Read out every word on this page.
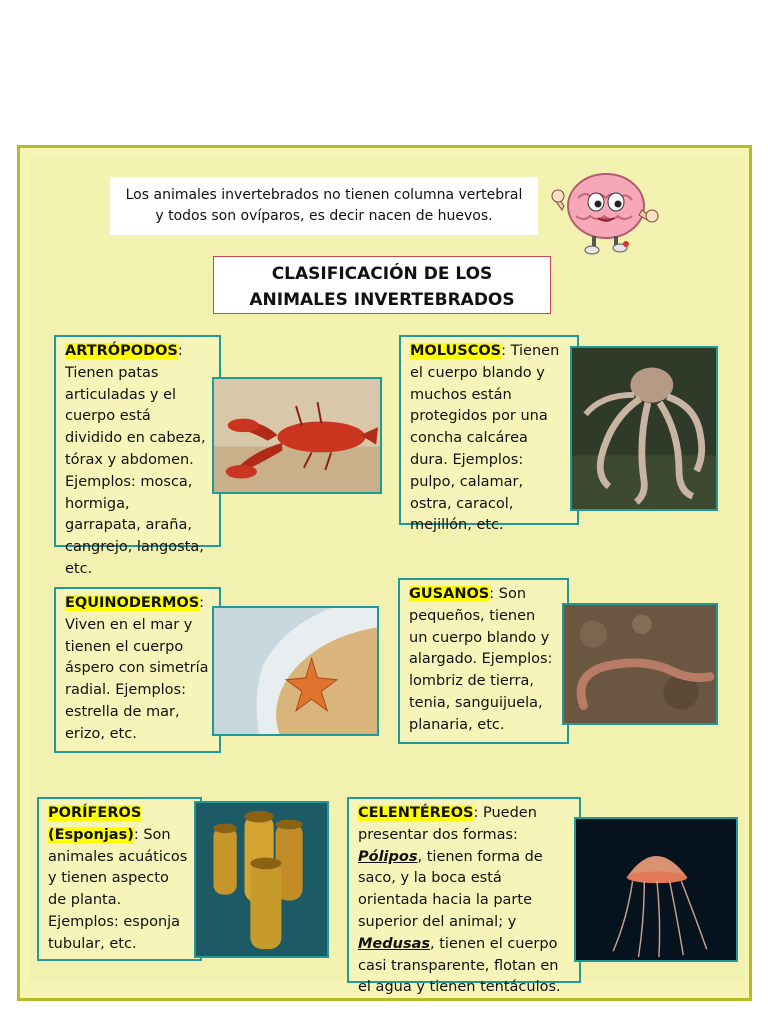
Los animales invertebrados no tienen columna vertebral
y todos son ovíparos, es decir nacen de huevos.
CLASIFICACIÓN DE LOS
ANIMALES INVERTEBRADOS
ARTRÓPODOS: Tienen patas articuladas y el cuerpo está dividido en cabeza, tórax y abdomen. Ejemplos: mosca, hormiga, garrapata, araña, cangrejo, langosta, etc.
MOLUSCOS: Tienen el cuerpo blando y muchos están protegidos por una concha calcárea dura. Ejemplos: pulpo, calamar, ostra, caracol, mejillón, etc.
EQUINODERMOS: Viven en el mar y tienen el cuerpo áspero con simetría radial. Ejemplos: estrella de mar, erizo, etc.
GUSANOS: Son pequeños, tienen un cuerpo blando y alargado. Ejemplos: lombriz de tierra, tenia, sanguijuela, planaria, etc.
PORÍFEROS
(Esponjas): Son animales acuáticos y tienen aspecto de planta. Ejemplos: esponja tubular, etc.
CELENTÉREOS: Pueden presentar dos formas: Pólipos, tienen forma de saco, y la boca está orientada hacia la parte superior del animal; y Medusas, tienen el cuerpo casi transparente, flotan en el agua y tienen tentáculos.
